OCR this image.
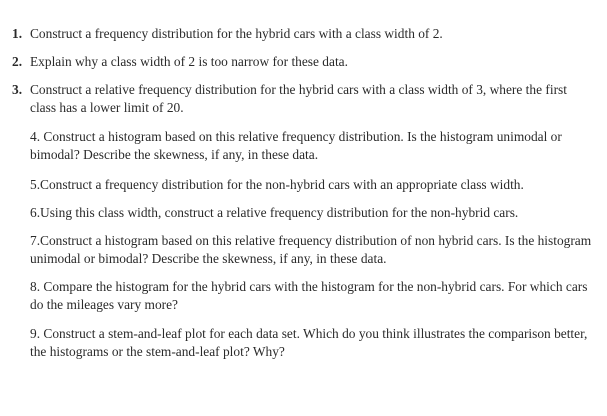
1. Construct a frequency distribution for the hybrid cars with a class width of 2.
2. Explain why a class width of 2 is too narrow for these data.
3. Construct a relative frequency distribution for the hybrid cars with a class width of 3, where the first class has a lower limit of 20.
4. Construct a histogram based on this relative frequency distribution. Is the histogram unimodal or bimodal? Describe the skewness, if any, in these data.
5.Construct a frequency distribution for the non-hybrid cars with an appropriate class width.
6.Using this class width, construct a relative frequency distribution for the non-hybrid cars.
7.Construct a histogram based on this relative frequency distribution of non hybrid cars. Is the histogram unimodal or bimodal? Describe the skewness, if any, in these data.
8. Compare the histogram for the hybrid cars with the histogram for the non-hybrid cars. For which cars do the mileages vary more?
9. Construct a stem-and-leaf plot for each data set. Which do you think illustrates the comparison better, the histograms or the stem-and-leaf plot? Why?
